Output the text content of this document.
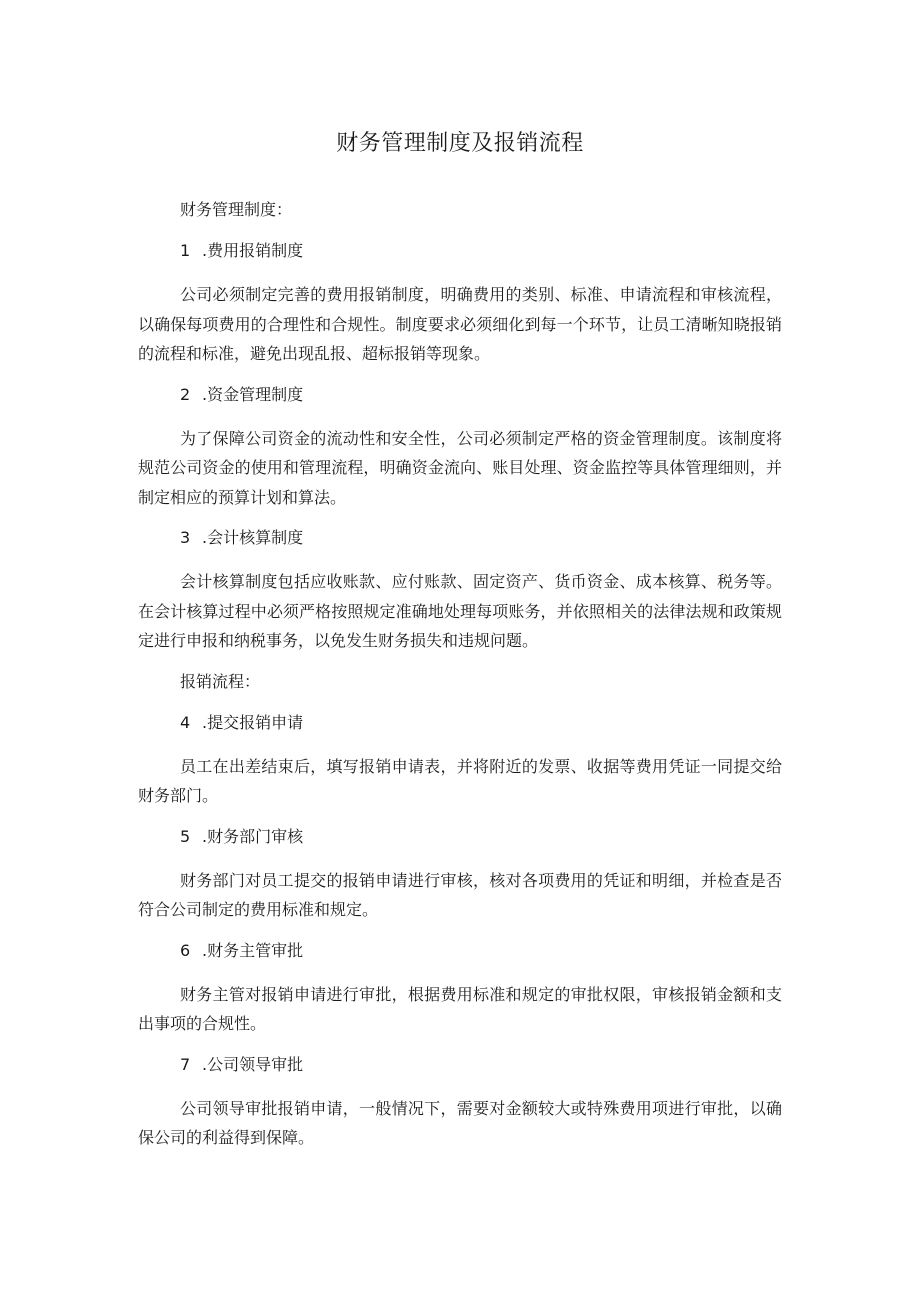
财务管理制度及报销流程
财务管理制度：
1 .费用报销制度

公司必须制定完善的费用报销制度，明确费用的类别、标准、申请流程和审核流程，以确保每项费用的合理性和合规性。制度要求必须细化到每一个环节，让员工清晰知晓报销的流程和标准，避免出现乱报、超标报销等现象。

2 .资金管理制度

为了保障公司资金的流动性和安全性，公司必须制定严格的资金管理制度。该制度将规范公司资金的使用和管理流程，明确资金流向、账目处理、资金监控等具体管理细则，并制定相应的预算计划和算法。

3 .会计核算制度

会计核算制度包括应收账款、应付账款、固定资产、货币资金、成本核算、税务等。在会计核算过程中必须严格按照规定准确地处理每项账务，并依照相关的法律法规和政策规定进行申报和纳税事务，以免发生财务损失和违规问题。

报销流程：
4 .提交报销申请

员工在出差结束后，填写报销申请表，并将附近的发票、收据等费用凭证一同提交给财务部门。

5 .财务部门审核

财务部门对员工提交的报销申请进行审核，核对各项费用的凭证和明细，并检查是否符合公司制定的费用标准和规定。

6 .财务主管审批

财务主管对报销申请进行审批，根据费用标准和规定的审批权限，审核报销金额和支出事项的合规性。

7 .公司领导审批

公司领导审批报销申请，一般情况下，需要对金额较大或特殊费用项进行审批，以确保公司的利益得到保障。
